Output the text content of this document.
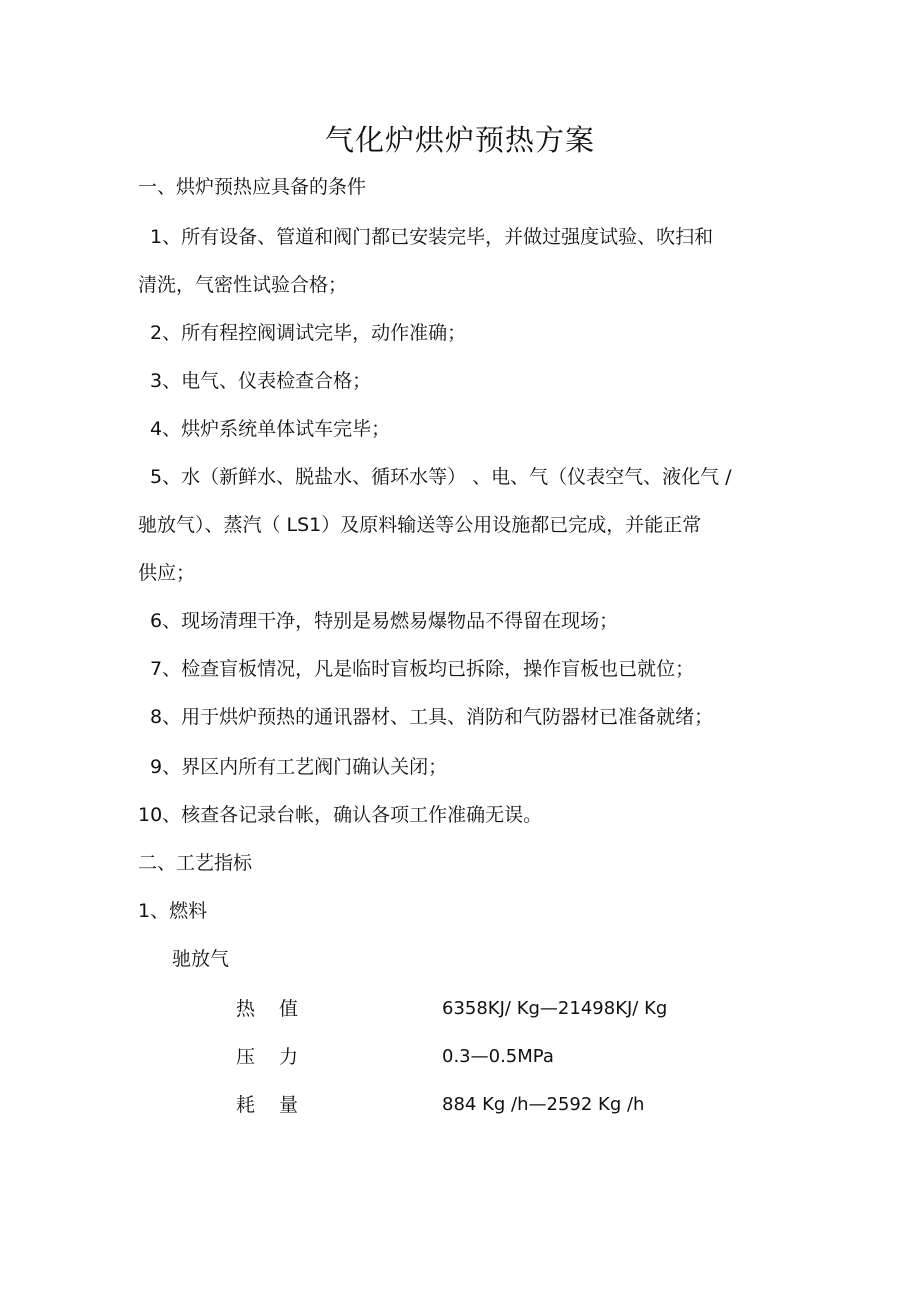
气化炉烘炉预热方案
一、烘炉预热应具备的条件
1、所有设备、管道和阀门都已安装完毕，并做过强度试验、吹扫和
清洗，气密性试验合格；
2、所有程控阀调试完毕，动作准确；
3、电气、仪表检查合格；
4、烘炉系统单体试车完毕；
5、水（新鲜水、脱盐水、循环水等） 、电、气（仪表空气、液化气 /
驰放气）、蒸汽（ LS1）及原料输送等公用设施都已完成，并能正常
供应；
6、现场清理干净，特别是易燃易爆物品不得留在现场；
7、检查盲板情况，凡是临时盲板均已拆除，操作盲板也已就位；
8、用于烘炉预热的通讯器材、工具、消防和气防器材已准备就绪；
9、界区内所有工艺阀门确认关闭；
10、核查各记录台帐，确认各项工作准确无误。
二、工艺指标
1、燃料
驰放气
热值	6358KJ/ Kg—21498KJ/ Kg
压力	0.3—0.5MPa
耗量	884 Kg /h—2592 Kg /h
